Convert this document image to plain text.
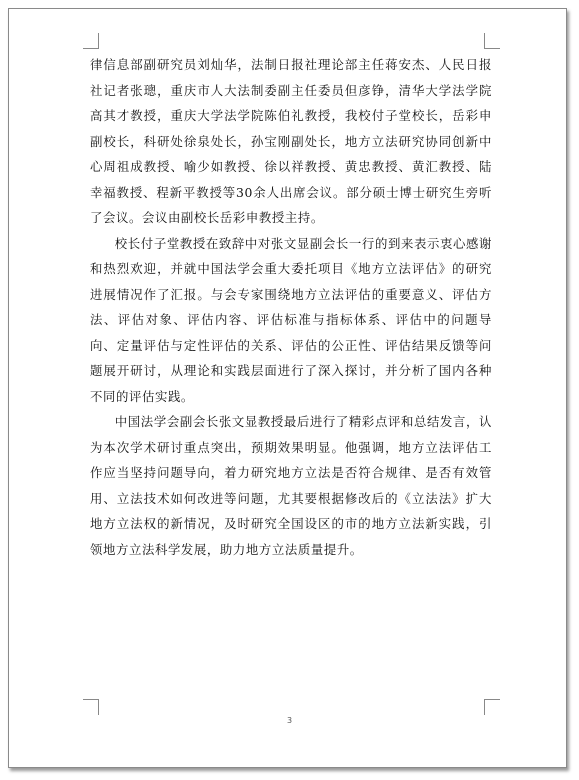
律信息部副研究员刘灿华，法制日报社理论部主任蒋安杰、人民日报社记者张璁，重庆市人大法制委副主任委员但彦铮，清华大学法学院高其才教授，重庆大学法学院陈伯礼教授，我校付子堂校长，岳彩申副校长，科研处徐泉处长，孙宝刚副处长，地方立法研究协同创新中心周祖成教授、喻少如教授、徐以祥教授、黄忠教授、黄汇教授、陆幸福教授、程新平教授等30余人出席会议。部分硕士博士研究生旁听了会议。会议由副校长岳彩申教授主持。

校长付子堂教授在致辞中对张文显副会长一行的到来表示衷心感谢和热烈欢迎，并就中国法学会重大委托项目《地方立法评估》的研究进展情况作了汇报。与会专家围绕地方立法评估的重要意义、评估方法、评估对象、评估内容、评估标准与指标体系、评估中的问题导向、定量评估与定性评估的关系、评估的公正性、评估结果反馈等问题展开研讨，从理论和实践层面进行了深入探讨，并分析了国内各种不同的评估实践。

中国法学会副会长张文显教授最后进行了精彩点评和总结发言，认为本次学术研讨重点突出，预期效果明显。他强调，地方立法评估工作应当坚持问题导向，着力研究地方立法是否符合规律、是否有效管用、立法技术如何改进等问题，尤其要根据修改后的《立法法》扩大地方立法权的新情况，及时研究全国设区的市的地方立法新实践，引领地方立法科学发展，助力地方立法质量提升。

3
